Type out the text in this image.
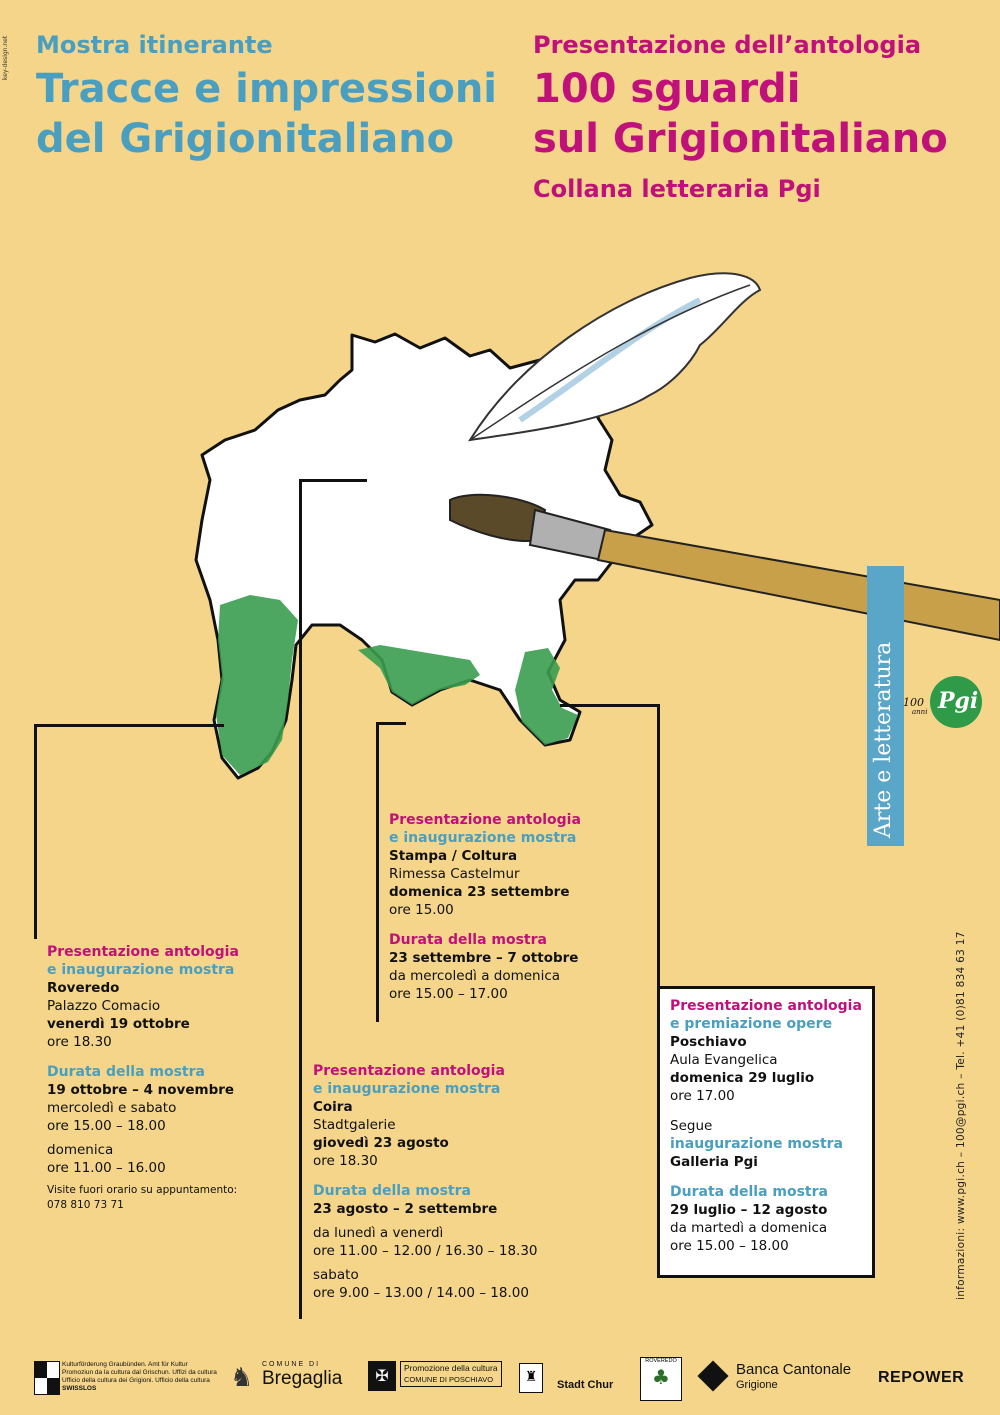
key-design.net Mostra itinerante
Tracce e impressioni
del Grigionitaliano
Presentazione dell’antologia
100 sguardi
sul Grigionitaliano
Collana letteraria Pgi
Arte e letteratura Pgi
100
anni
informazioni: www.pgi.ch – 100@pgi.ch – Tel. +41 (0)81 834 63 17
Presentazione antologia
e inaugurazione mostra
Roveredo
Palazzo Comacio
venerdì 19 ottobre
ore 18.30
Durata della mostra
19 ottobre – 4 novembre
mercoledì e sabato
ore 15.00 – 18.00
domenica
ore 11.00 – 16.00
Visite fuori orario su appuntamento:
078 810 73 71
Presentazione antologia
e inaugurazione mostra
Stampa / Coltura
Rimessa Castelmur
domenica 23 settembre
ore 15.00
Durata della mostra
23 settembre – 7 ottobre
da mercoledì a domenica
ore 15.00 – 17.00
Presentazione antologia
e inaugurazione mostra
Coira
Stadtgalerie
giovedì 23 agosto
ore 18.30
Durata della mostra
23 agosto – 2 settembre
da lunedì a venerdì
ore 11.00 – 12.00 / 16.30 – 18.30
sabato
ore 9.00 – 13.00 / 14.00 – 18.00
Presentazione antologia
e premiazione opere
Poschiavo
Aula Evangelica
domenica 29 luglio
ore 17.00
Segue
inaugurazione mostra
Galleria Pgi
Durata della mostra
29 luglio – 12 agosto
da martedì a domenica
ore 15.00 – 18.00
Kulturförderung Graubünden. Amt für Kultur
Promoziun da la cultura dal Grischun. Uffizi da cultura
Ufficio della cultura dei Grigioni. Ufficio della cultura
SWISSLOS	♞ COMUNE DI
Bregaglia	✠	Promozione della cultura
COMUNE DI POSCHIAVO	♜	Stadt Chur
ROVEREDO
♣	Banca Cantonale
Grigione	REPOWER
